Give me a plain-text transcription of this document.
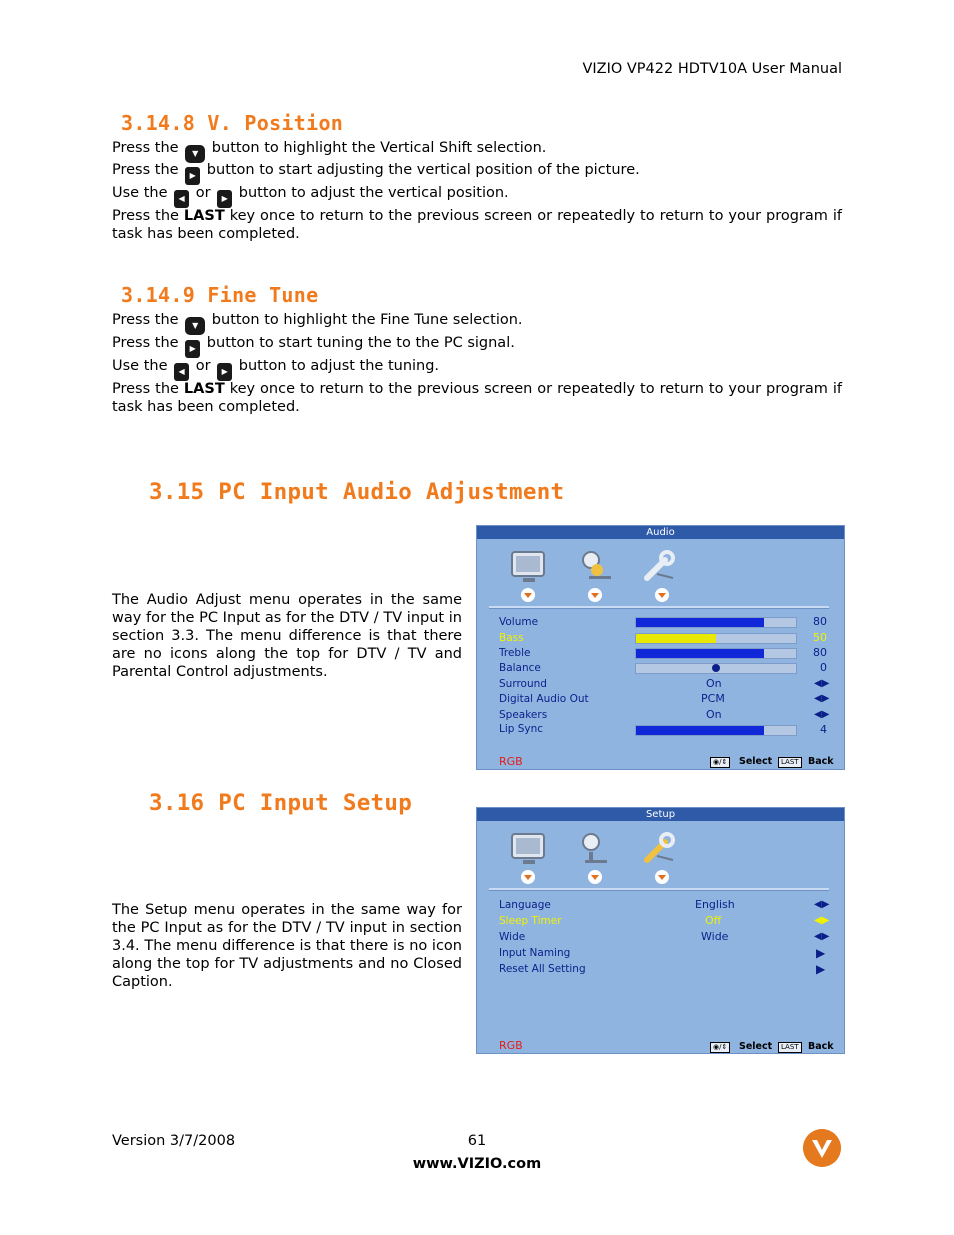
VIZIO VP422 HDTV10A User Manual
3.14.8 V. Position
Press the ▼ button to highlight the Vertical Shift selection.
Press the ▶ button to start adjusting the vertical position of the picture.
Use the ◀ or ▶ button to adjust the vertical position.
Press the LAST key once to return to the previous screen or repeatedly to return to your program if task has been completed.
3.14.9 Fine Tune
Press the ▼ button to highlight the Fine Tune selection.
Press the ▶ button to start tuning the to the PC signal.
Use the ◀ or ▶ button to adjust the tuning.
Press the LAST key once to return to the previous screen or repeatedly to return to your program if task has been completed.
3.15 PC Input Audio Adjustment
The Audio Adjust menu operates in the same way for the PC Input as for the DTV / TV input in section 3.3. The menu difference is that there are no icons along the top for DTV / TV and Parental Control adjustments.
Audio
Volume	80
Bass	50
Treble	80
Balance	0
Surround	On	◀▶
Digital Audio Out	PCM	◀▶
Speakers	On	◀▶
Lip Sync	4
RGB	◉/⇕	Select	LAST Back
3.16 PC Input Setup
The Setup menu operates in the same way for the PC Input as for the DTV / TV input in section 3.4. The menu difference is that there is no icon along the top for TV adjustments and no Closed Caption.
Setup
Language	English	◀▶
Sleep Timer	Off	◀▶
Wide	Wide	◀▶
Input Naming	▶
Reset All Setting	▶
RGB	◉/⇕	Select	LAST Back
Version 3/7/2008	61
www.VIZIO.com
